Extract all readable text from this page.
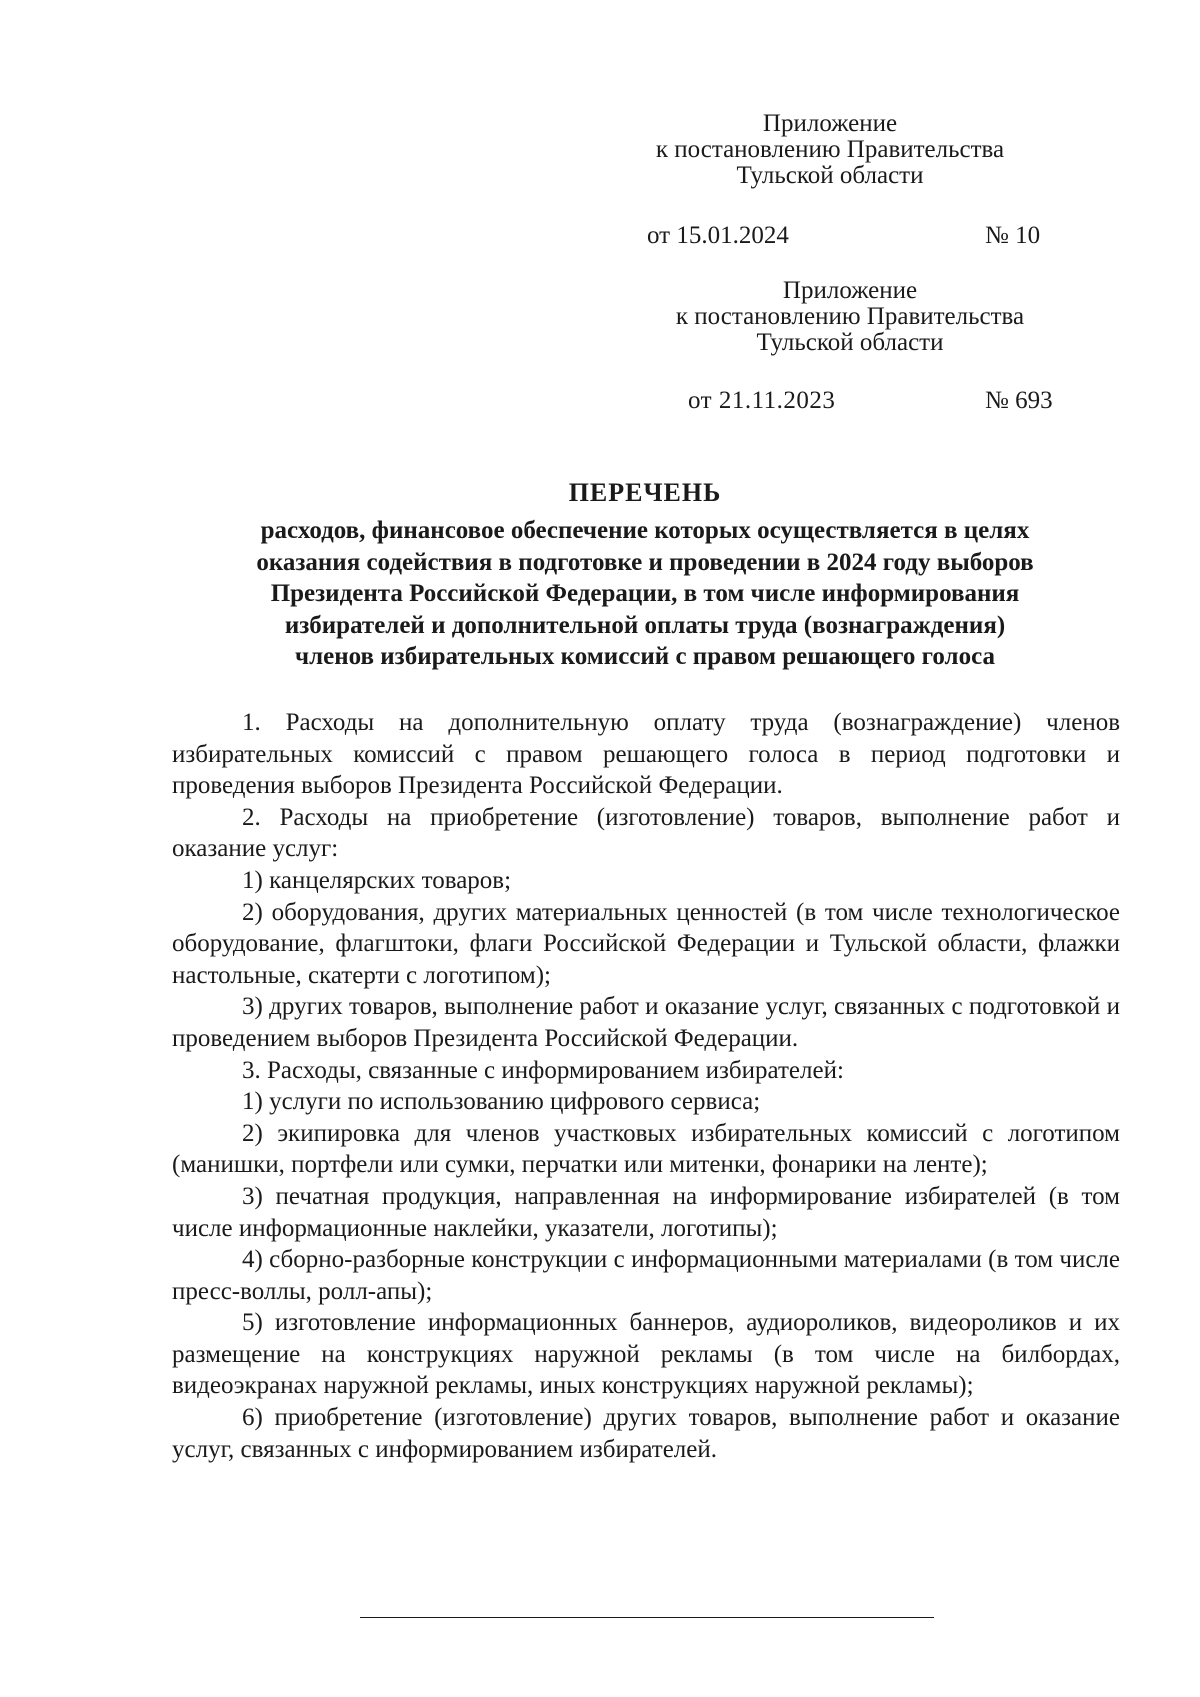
Приложение
к постановлению Правительства
Тульской области
от 15.01.2024	№ 10
Приложение
к постановлению Правительства
Тульской области
от 21.11.2023	№ 693
ПЕРЕЧЕНЬ
расходов, финансовое обеспечение которых осуществляется в целях
оказания содействия в подготовке и проведении в 2024 году выборов
Президента Российской Федерации, в том числе информирования
избирателей и дополнительной оплаты труда (вознаграждения)
членов избирательных комиссий с правом решающего голоса

1. Расходы на дополнительную оплату труда (вознаграждение) членов избирательных комиссий с правом решающего голоса в период подготовки и проведения выборов Президента Российской Федерации.

2. Расходы на приобретение (изготовление) товаров, выполнение работ и оказание услуг:

1) канцелярских товаров;

2) оборудования, других материальных ценностей (в том числе технологическое оборудование, флагштоки, флаги Российской Федерации и Тульской области, флажки настольные, скатерти с логотипом);

3) других товаров, выполнение работ и оказание услуг, связанных с подготовкой и проведением выборов Президента Российской Федерации.

3. Расходы, связанные с информированием избирателей:

1) услуги по использованию цифрового сервиса;

2) экипировка для членов участковых избирательных комиссий с логотипом (манишки, портфели или сумки, перчатки или митенки, фонарики на ленте);

3) печатная продукция, направленная на информирование избирателей (в том числе информационные наклейки, указатели, логотипы);

4) сборно-разборные конструкции с информационными материалами (в том числе пресс-воллы, ролл-апы);

5) изготовление информационных баннеров, аудиороликов, видеороликов и их размещение на конструкциях наружной рекламы (в том числе на билбордах, видеоэкранах наружной рекламы, иных конструкциях наружной рекламы);

6) приобретение (изготовление) других товаров, выполнение работ и оказание услуг, связанных с информированием избирателей.
